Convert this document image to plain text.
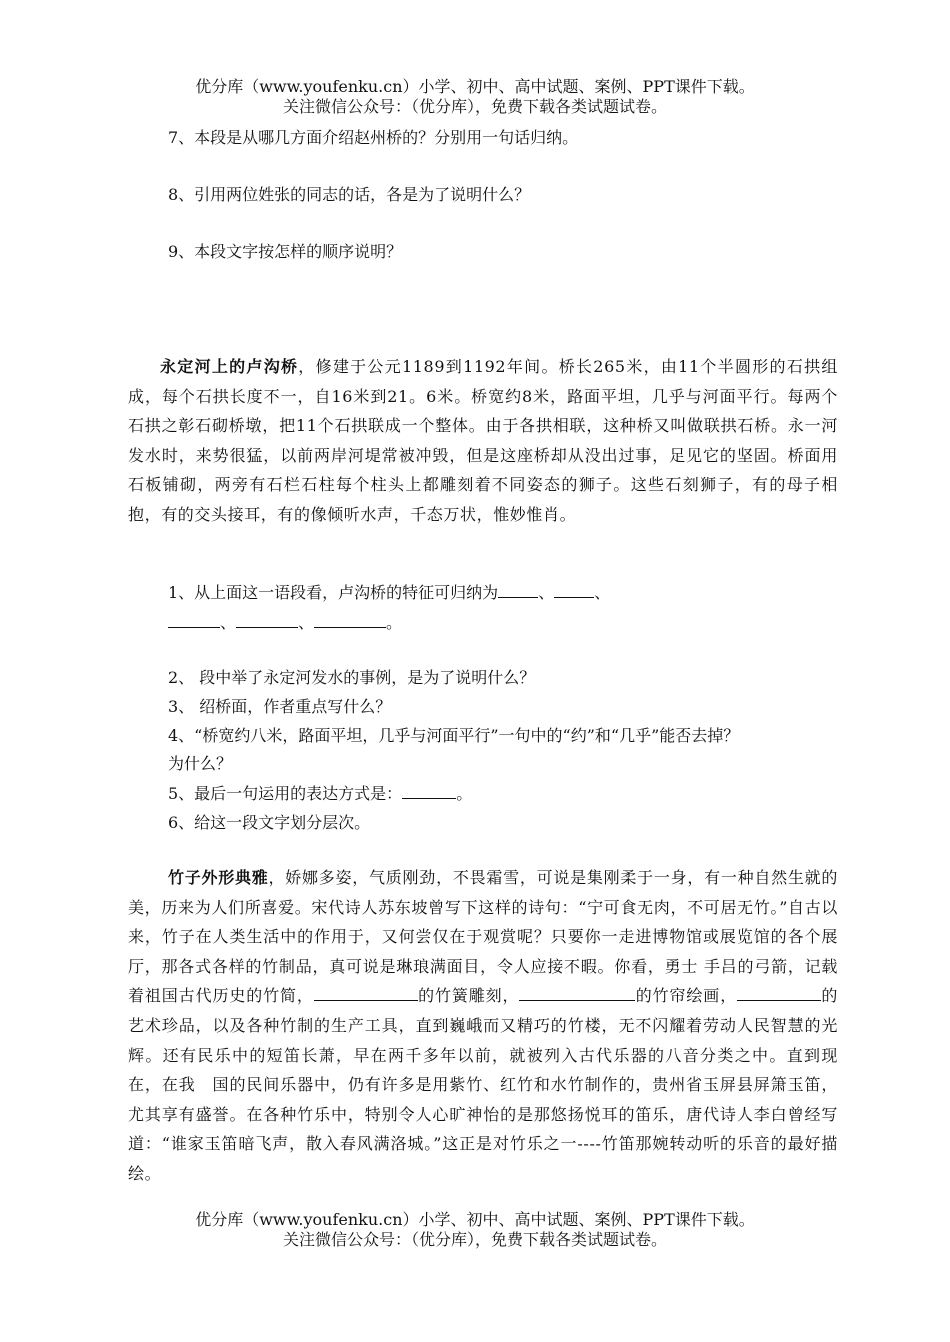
优分库（www.youfenku.cn）小学、初中、高中试题、案例、PPT课件下载。
关注微信公众号：（优分库），免费下载各类试题试卷。
7、本段是从哪几方面介绍赵州桥的？分别用一句话归纳。
8、引用两位姓张的同志的话，各是为了说明什么？
9、本段文字按怎样的顺序说明？
永定河上的卢沟桥，修建于公元1189到1192年间。桥长265米，由11个半圆形的石拱组成，每个石拱长度不一，自16米到21。6米。桥宽约8米，路面平坦，几乎与河面平行。每两个石拱之彰石砌桥墩，把11个石拱联成一个整体。由于各拱相联，这种桥又叫做联拱石桥。永一河发水时，来势很猛，以前两岸河堤常被冲毁，但是这座桥却从没出过事，足见它的坚固。桥面用石板铺砌，两旁有石栏石柱每个柱头上都雕刻着不同姿态的狮子。这些石刻狮子，有的母子相抱，有的交头接耳，有的像倾听水声，千态万状，惟妙惟肖。
1、从上面这一语段看，卢沟桥的特征可归纳为	、	、
、	、	。
2、 段中举了永定河发水的事例，是为了说明什么？
3、 绍桥面，作者重点写什么？
4、“桥宽约八米，路面平坦，几乎与河面平行”一句中的“约”和“几乎”能否去掉？
为什么？
5、最后一句运用的表达方式是：	。
6、给这一段文字划分层次。
竹子外形典雅，娇娜多姿，气质刚劲，不畏霜雪，可说是集刚柔于一身，有一种自然生就的美，历来为人们所喜爱。宋代诗人苏东坡曾写下这样的诗句：“宁可食无肉，不可居无竹。”自古以来，竹子在人类生活中的作用于，又何尝仅在于观赏呢？只要你一走进博物馆或展览馆的各个展厅，那各式各样的竹制品，真可说是琳琅满面目，令人应接不暇。你看，勇士 手吕的弓箭，记载着祖国古代历史的竹简，	的竹簧雕刻，	的竹帘绘画，	的艺术珍品，以及各种竹制的生产工具，直到巍峨而又精巧的竹楼，无不闪耀着劳动人民智慧的光辉。还有民乐中的短笛长萧，早在两千多年以前，就被列入古代乐器的八音分类之中。直到现在，在我　国的民间乐器中，仍有许多是用紫竹、红竹和水竹制作的，贵州省玉屏县屏箫玉笛，尤其享有盛誉。在各种竹乐中，特别令人心旷神怡的是那悠扬悦耳的笛乐，唐代诗人李白曾经写道：“谁家玉笛暗飞声，散入春风满洛城。”这正是对竹乐之一----竹笛那婉转动听的乐音的最好描绘。
优分库（www.youfenku.cn）小学、初中、高中试题、案例、PPT课件下载。
关注微信公众号：（优分库），免费下载各类试题试卷。
